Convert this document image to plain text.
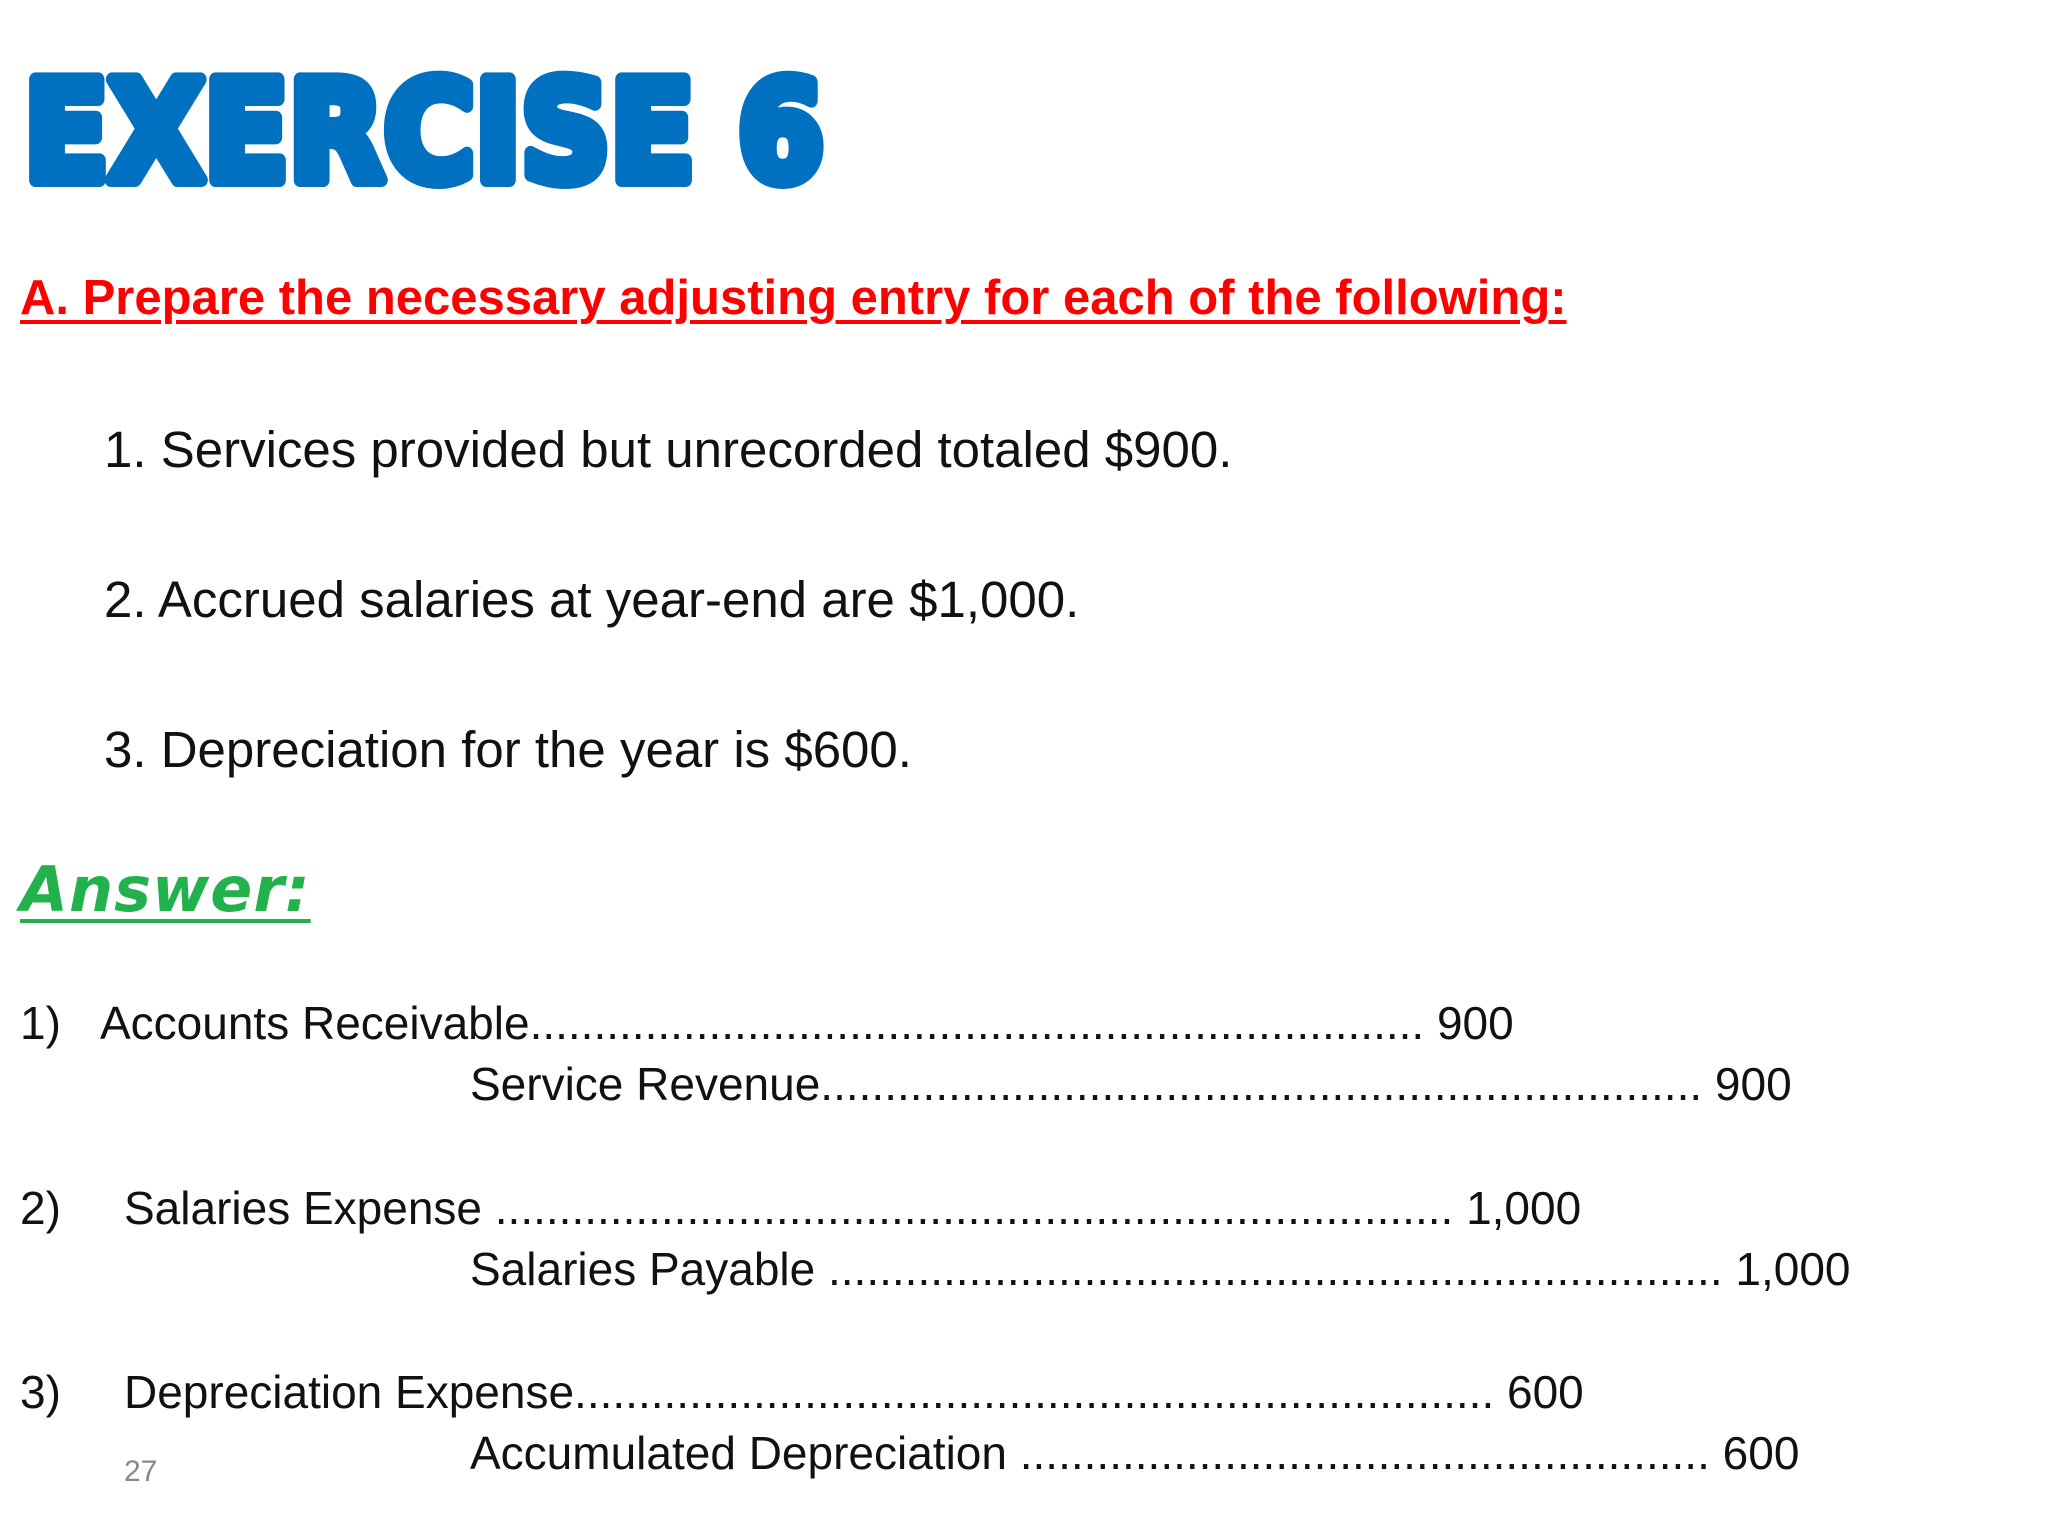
EXERCISE 6
A. Prepare the necessary adjusting entry for each of the following:
1. Services provided but unrecorded totaled $900.
2. Accrued salaries at year-end are $1,000.
3. Depreciation for the year is $600.
Answer:
1) Accounts Receivable...................................................................... 900
Service Revenue..................................................................... 900
2) Salaries Expense ........................................................................... 1,000
Salaries Payable ...................................................................... 1,000
3) Depreciation Expense........................................................................ 600
Accumulated Depreciation ...................................................... 600
27
